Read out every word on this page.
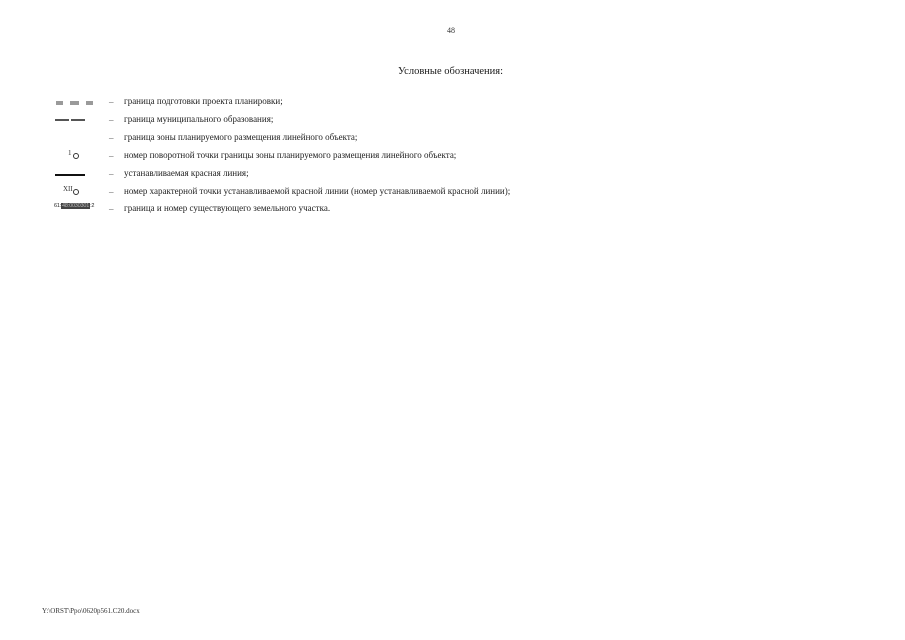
48
Условные обозначения:
– граница подготовки проекта планировки;
– граница муниципального образования;
– граница зоны планируемого размещения линейного объекта;
1	– номер поворотной точки границы зоны планируемого размещения линейного объекта;
– устанавливаемая красная линия;
XII	– номер характерной точки устанавливаемой красной линии (номер устанавливаемой красной линии);
61:48:0030301:2 – граница и номер существующего земельного участка.
Y:\ORST\Ppo\0620p561.C20.docx
